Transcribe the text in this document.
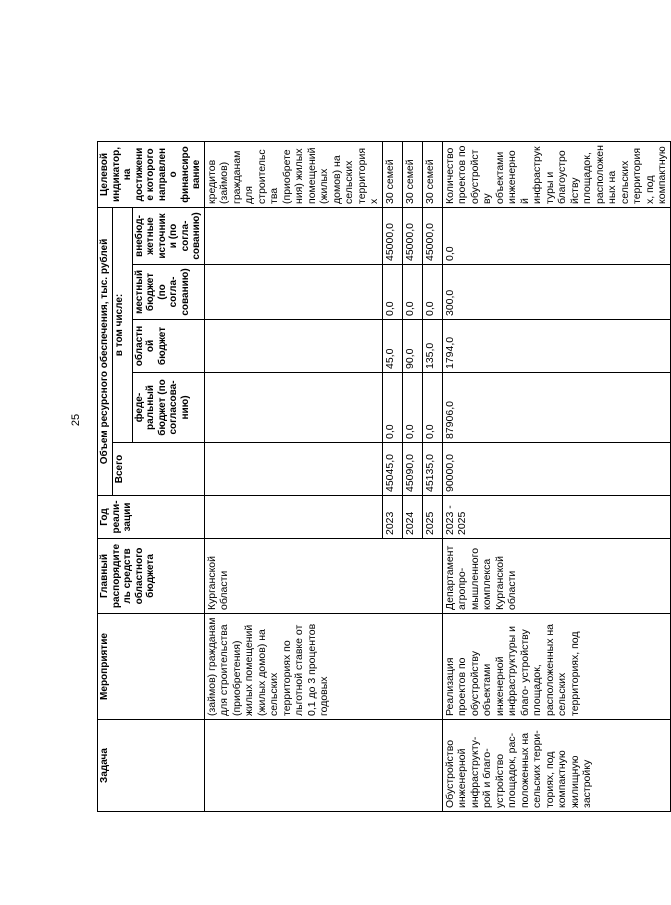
25
Задача	Мероприятие	Главный распорядитель средств областного бюджета	Год реали- зации	Объем ресурсного обеспечения, тыс. рублей					Целевой индикатор, на достижение которого направлено финансирование
				Всего	в том числе:				
					феде- ральный бюджет (по согласова- нию)	областной бюджет	местный бюджет (по согла- сованию)	внебюд- жетные источники (по согла- сованию)	
	(займов) гражданам для строительства (приобретения) жилых помещений (жилых домов) на сельских территориях по льготной ставке от 0,1 до 3 процентов годовых	Курганской области							кредитов (займов) гражданам для строительства (приобретения) жилых помещений (жилых домов) на сельских территориях
			2023	45045,0	0,0	45,0	0,0	45000,0	30 семей
			2024	45090,0	0,0	90,0	0,0	45000,0	30 семей
			2025	45135,0	0,0	135,0	0,0	45000,0	30 семей
Обустройство инженерной инфраструкту- рой и благо- устройство площадок, рас- положенных на сельских терри- ториях, под компактную жилищную застройку	Реализация проектов по обустройству объектами инженерной инфраструктуры и благо- устройству площадок, расположенных на сельских территориях, под	Департамент агропро- мышленного комплекса Курганской области	2023 - 2025	90000,0	87906,0	1794,0	300,0	0,0	Количество проектов по обустройству объектами инженерной инфраструктуры и благоустройству площадок, расположенных на сельских территориях, под компактную
